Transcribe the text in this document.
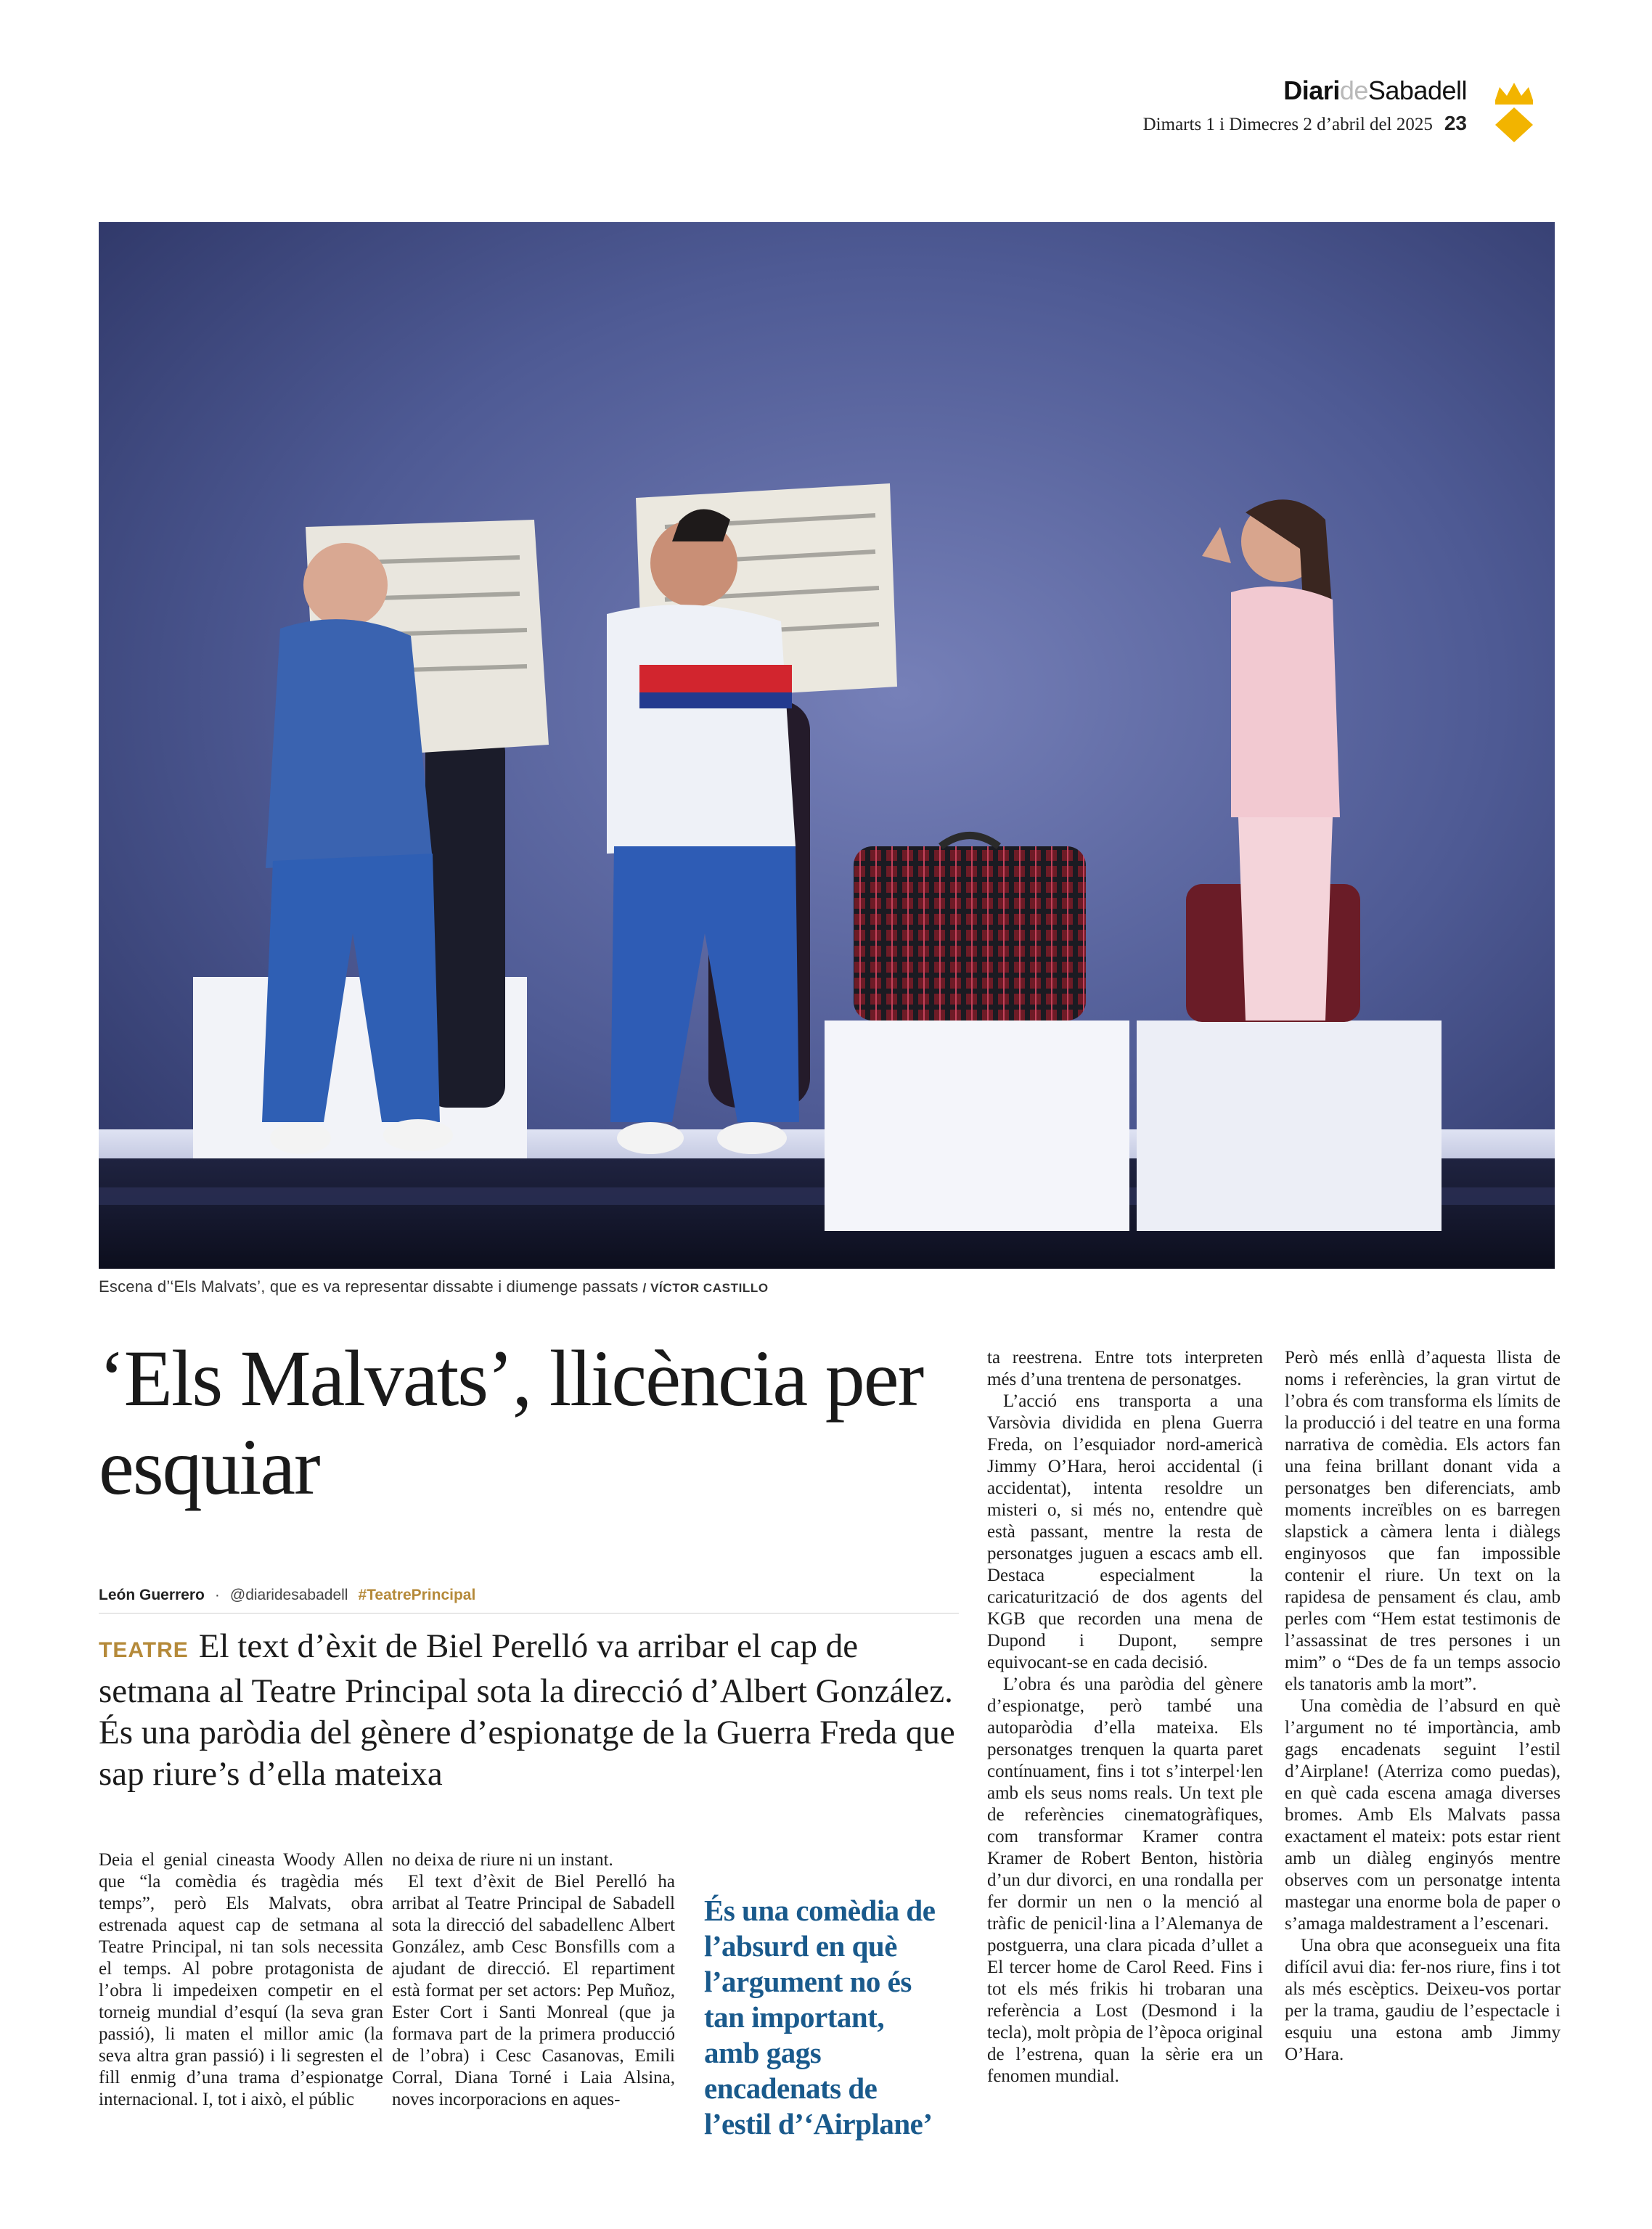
Diari de Sabadell
Dimarts 1 i Dimecres 2 d’abril del 2025 23
Escena d’‘Els Malvats’, que es va representar dissabte i diumenge passats / VÍCTOR CASTILLO
‘Els Malvats’, llicència per esquiar
León Guerrero · @diaridesabadell #TeatrePrincipal

TEATRE El text d’èxit de Biel Perelló va arribar el cap de setmana al Teatre Principal sota la direcció d’Albert González. És una paròdia del gènere d’espionatge de la Guerra Freda que sap riure’s d’ella mateixa

Deia el genial cineasta Woody Allen que “la comèdia és tragèdia més temps”, però Els Malvats, obra estrenada aquest cap de setmana al Teatre Principal, ni tan sols necessita el temps. Al pobre protagonista de l’obra li impedeixen competir en el torneig mundial d’esquí (la seva gran passió), li maten el millor amic (la seva altra gran passió) i li segresten el fill enmig d’una trama d’espionatge internacional. I, tot i això, el públic

no deixa de riure ni un instant.

El text d’èxit de Biel Perelló ha arribat al Teatre Principal de Sabadell sota la direcció del sabadellenc Albert González, amb Cesc Bonsfills com a ajudant de direcció. El repartiment està format per set actors: Pep Muñoz, Ester Cort i Santi Monreal (que ja formava part de la primera producció de l’obra) i Cesc Casanovas, Emili Corral, Diana Torné i Laia Alsina, noves incorporacions en aques-

És una comèdia de l’absurd en què l’argument no és tan important, amb gags encadenats de l’estil d’‘Airplane’

ta reestrena. Entre tots interpreten més d’una trentena de personatges.

L’acció ens transporta a una Varsòvia dividida en plena Guerra Freda, on l’esquiador nord-americà Jimmy O’Hara, heroi accidental (i accidentat), intenta resoldre un misteri o, si més no, entendre què està passant, mentre la resta de personatges juguen a escacs amb ell. Destaca especialment la caricaturització de dos agents del KGB que recorden una mena de Dupond i Dupont, sempre equivocant-se en cada decisió.

L’obra és una paròdia del gènere d’espionatge, però també una autoparòdia d’ella mateixa. Els personatges trenquen la quarta paret contínuament, fins i tot s’interpel·len amb els seus noms reals. Un text ple de referències cinematogràfiques, com transformar Kramer contra Kramer de Robert Benton, història d’un dur divorci, en una rondalla per fer dormir un nen o la menció al tràfic de penicil·lina a l’Alemanya de postguerra, una clara picada d’ullet a El tercer home de Carol Reed. Fins i tot els més frikis hi trobaran una referència a Lost (Desmond i la tecla), molt pròpia de l’època original de l’estrena, quan la sèrie era un fenomen mundial.

Però més enllà d’aquesta llista de noms i referències, la gran virtut de l’obra és com transforma els límits de la producció i del teatre en una forma narrativa de comèdia. Els actors fan una feina brillant donant vida a personatges ben diferenciats, amb moments increïbles on es barregen slapstick a càmera lenta i diàlegs enginyosos que fan impossible contenir el riure. Un text on la rapidesa de pensament és clau, amb perles com “Hem estat testimonis de l’assassinat de tres persones i un mim” o “Des de fa un temps associo els tanatoris amb la mort”.

Una comèdia de l’absurd en què l’argument no té importància, amb gags encadenats seguint l’estil d’Airplane! (Aterriza como puedas), en què cada escena amaga diverses bromes. Amb Els Malvats passa exactament el mateix: pots estar rient amb un diàleg enginyós mentre observes com un personatge intenta mastegar una enorme bola de paper o s’amaga maldestrament a l’escenari.

Una obra que aconsegueix una fita difícil avui dia: fer-nos riure, fins i tot als més escèptics. Deixeu-vos portar per la trama, gaudiu de l’espectacle i esquiu una estona amb Jimmy O’Hara.
